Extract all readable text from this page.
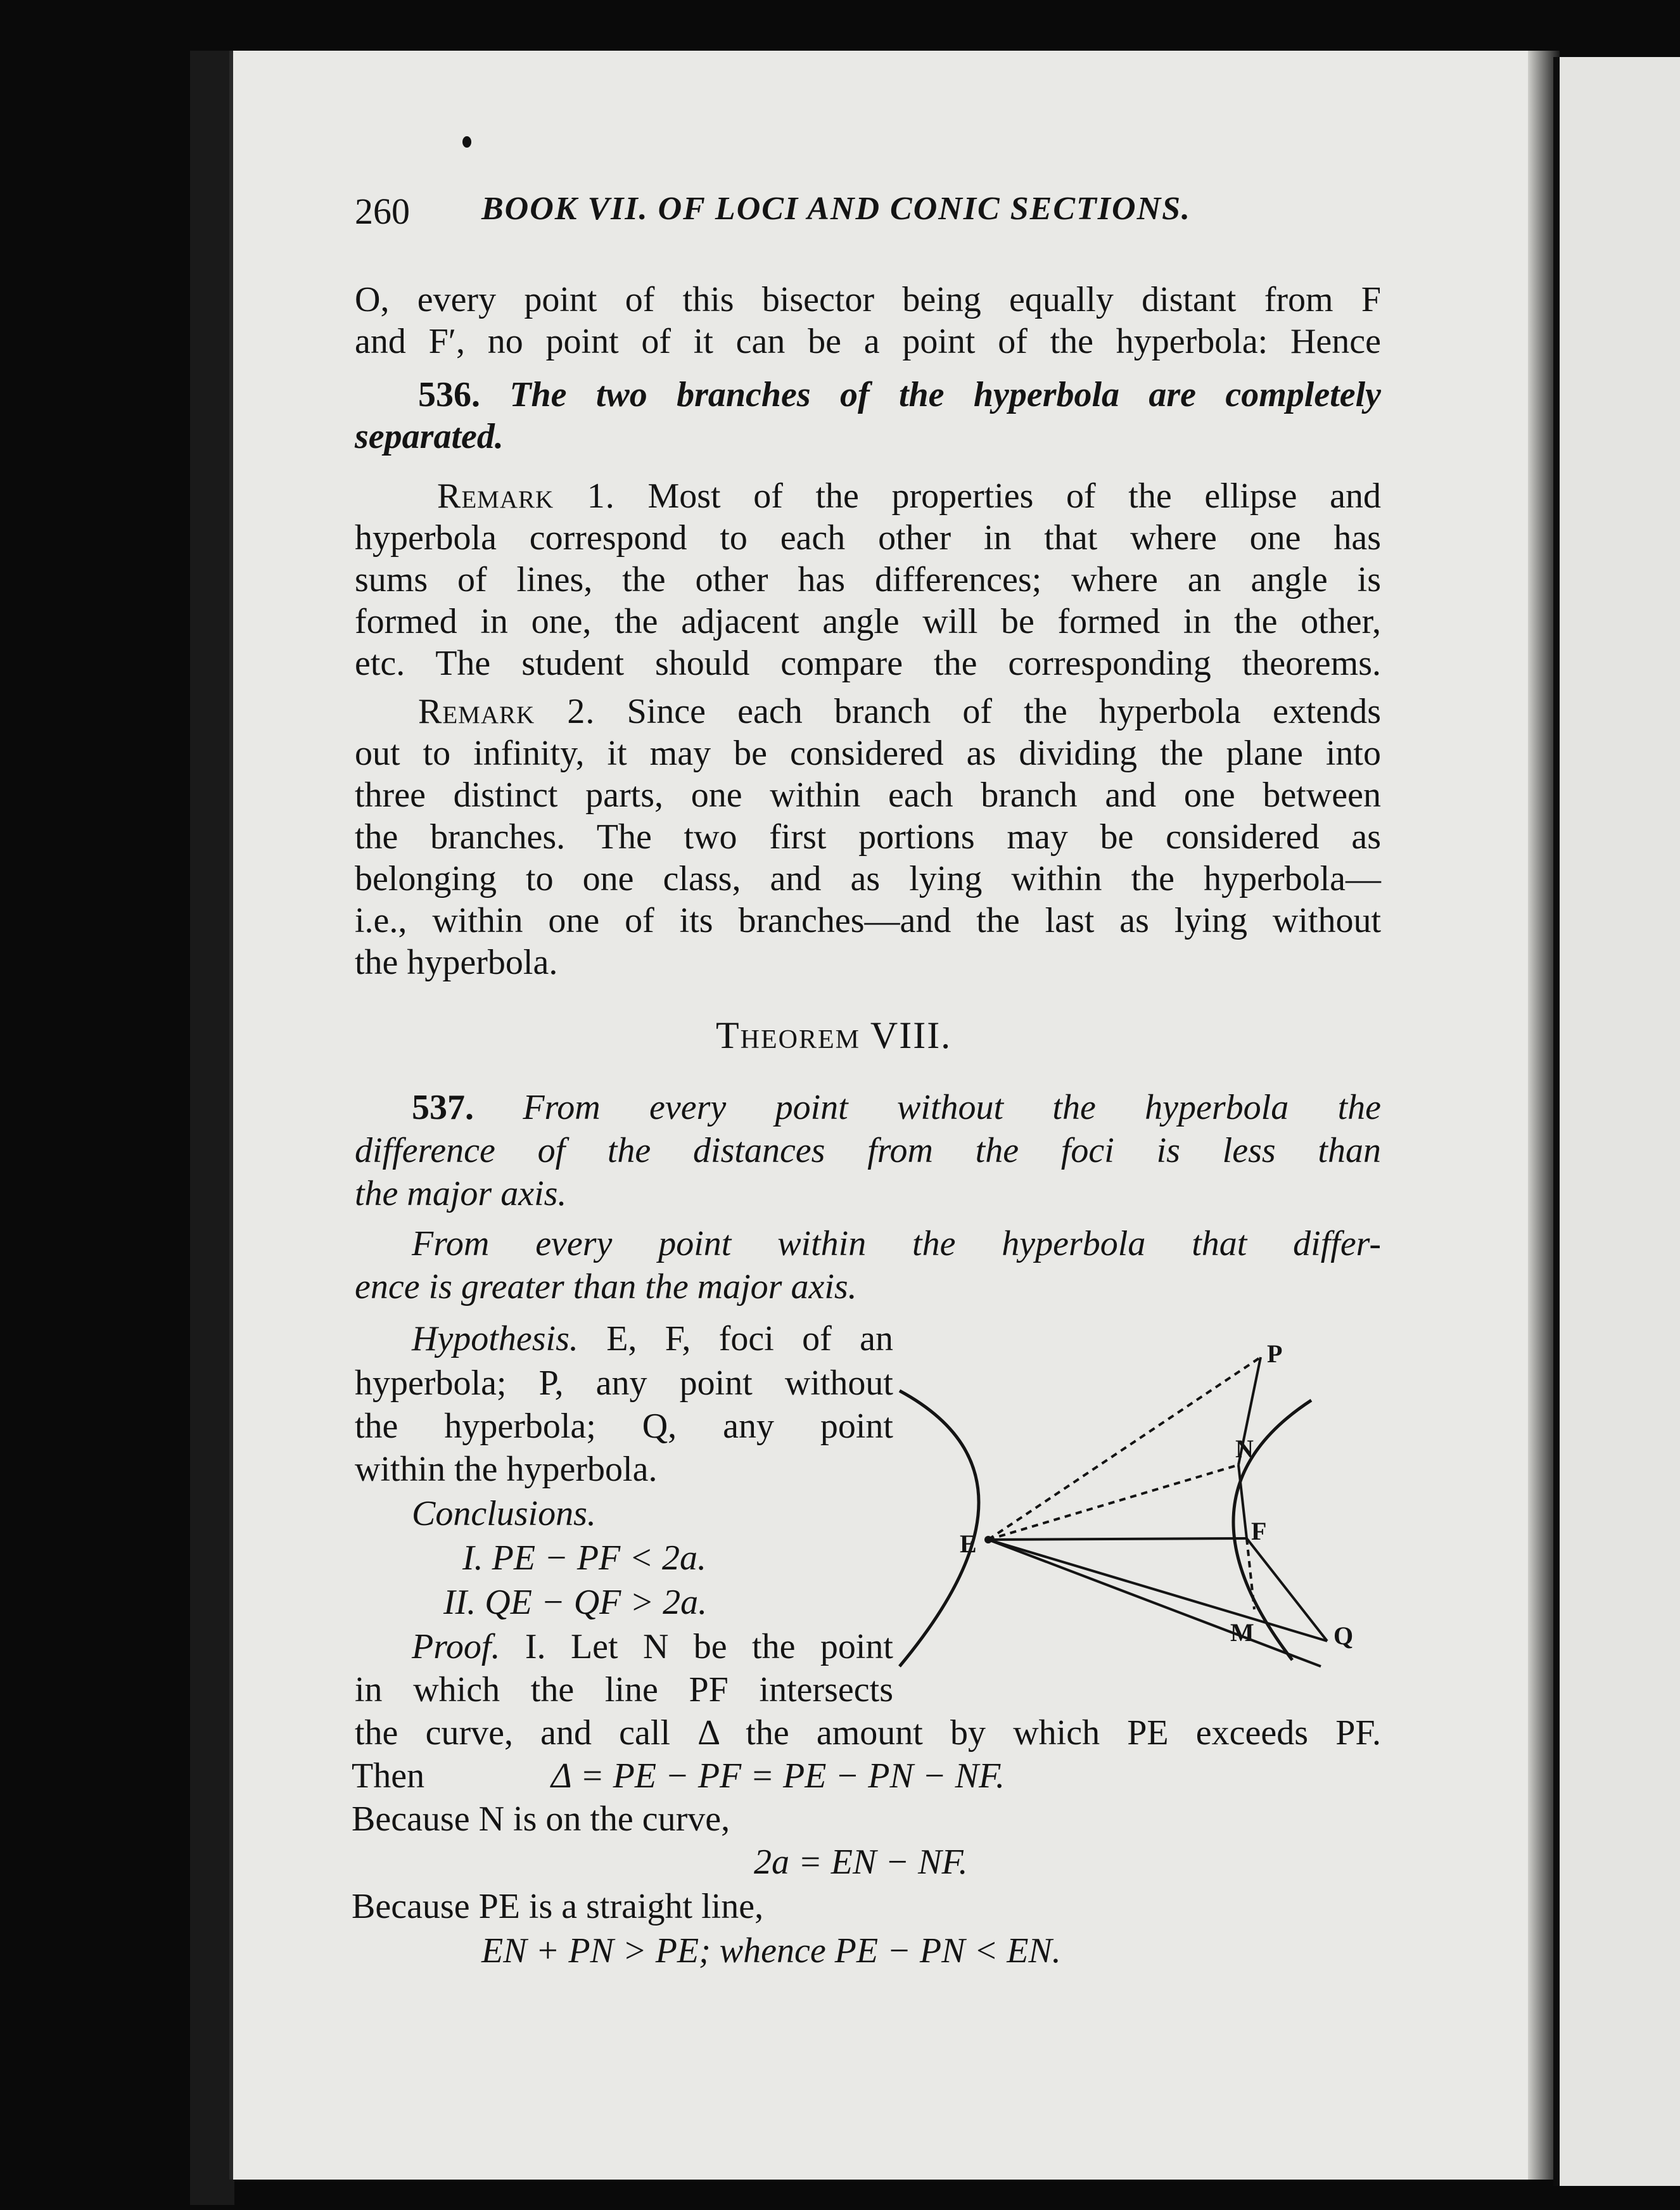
260 BOOK VII. OF LOCI AND CONIC SECTIONS.
O, every point of this bisector being equally distant from F
and F′, no point of it can be a point of the hyperbola: Hence
536. The two branches of the hyperbola are completely
separated.
Remark 1. Most of the properties of the ellipse and
hyperbola correspond to each other in that where one has
sums of lines, the other has differences; where an angle is
formed in one, the adjacent angle will be formed in the other,
etc. The student should compare the corresponding theorems.
Remark 2. Since each branch of the hyperbola extends
out to infinity, it may be considered as dividing the plane into
three distinct parts, one within each branch and one between
the branches. The two first portions may be considered as
belonging to one class, and as lying within the hyperbola—
i.e., within one of its branches—and the last as lying without
the hyperbola.
Theorem VIII.
537. From every point without the hyperbola the
difference of the distances from the foci is less than
the major axis.
From every point within the hyperbola that differ-
ence is greater than the major axis.
Hypothesis. E, F, foci of an
hyperbola; P, any point without
the hyperbola; Q, any point
within the hyperbola.
Conclusions.
I. PE − PF < 2a.
II. QE − QF > 2a.
Proof. I. Let N be the point
in which the line PF intersects
the curve, and call Δ the amount by which PE exceeds PF.
Then	Δ = PE − PF = PE − PN − NF.
Because N is on the curve,
2a = EN − NF.
Because PE is a straight line,
EN + PN > PE; whence PE − PN < EN.
P
N
F
E
M	Q
